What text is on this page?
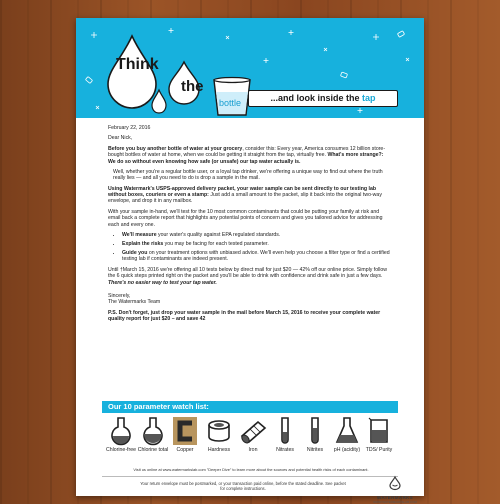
Think
outside	the
bottle	...and look inside the tap

February 22, 2016

Dear Nick,

Before you buy another bottle of water at your grocery, consider this: Every year, America consumes 12 billion store-bought bottles of water at home, when we could be getting it straight from the tap, virtually free. What's more strange?: We do so without even knowing how safe (or unsafe) our tap water actually is.

Well, whether you're a regular bottle user, or a loyal tap drinker, we're offering a unique way to find out where the truth really lies — and all you need to do is drop a sample in the mail.

Using Watermark's USPS-approved delivery packet, your water sample can be sent directly to our testing lab without boxes, couriers or even a stamp: Just add a small amount to the packet, slip it back into the original two-way envelope, and drop it in any mailbox.

With your sample in-hand, we'll test for the 10 most common contaminants that could be putting your family at risk and email back a complete report that highlights any potential points of concern and gives you tailored advice for addressing each and every one.

• We'll measure your water's quality against EPA regulated standards.
• Explain the risks you may be facing for each tested parameter.
• Guide you on your treatment options with unbiased advice. We'll even help you choose a filter type or find a certified testing lab if contaminants are indeed present.

Until †March 15, 2016 we're offering all 10 tests below by direct mail for just $20 — 42% off our online price. Simply follow the 6 quick steps printed right on the packet and you'll be able to drink with confidence and drink safe in just a few days. There's no easier way to test your tap water.

Sincerely,

The Watermarks Team

P.S. Don't forget, just drop your water sample in the mail before March 15, 2016 to receive your complete water quality report for just $20 – and save 42

Our 10 parameter watch list:
Chlorine-free Chlorine total	Copper	Hardness	Iron	Nitrates	Nitrites	pH (acidity)	TDS/ Purity
Visit us online at www.watermarkslab.com "Deeper Dive" to learn more about the sources and potential health risks of each contaminant.
Your return envelope must be postmarked, or your transaction paid online, before the stated deadline. See packet for complete instructions.
WATERMARKS
WWW.WATERMARKSLAB.COM
